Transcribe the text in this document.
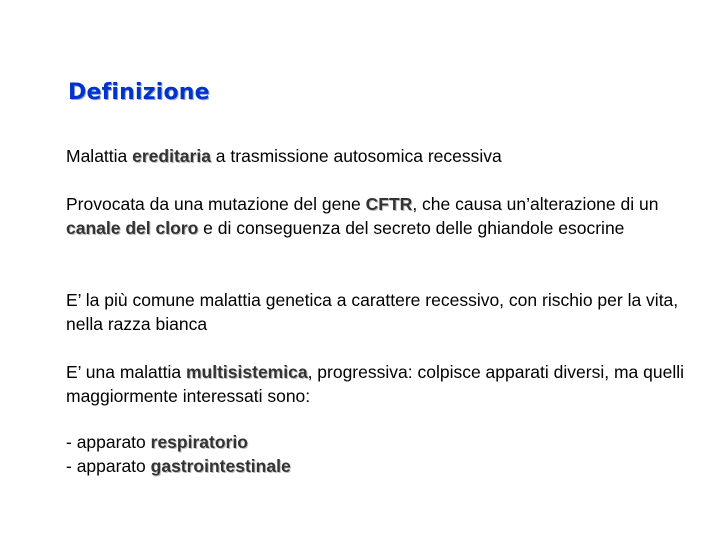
Definizione

Malattia ereditaria a trasmissione autosomica recessiva

Provocata da una mutazione del gene CFTR, che causa un’alterazione di un canale del cloro e di conseguenza del secreto delle ghiandole esocrine

E’ la più comune malattia genetica a carattere recessivo, con rischio per la vita, nella razza bianca

E’ una malattia multisistemica, progressiva: colpisce apparati diversi, ma quelli maggiormente interessati sono:

- apparato respiratorio
- apparato gastrointestinale
